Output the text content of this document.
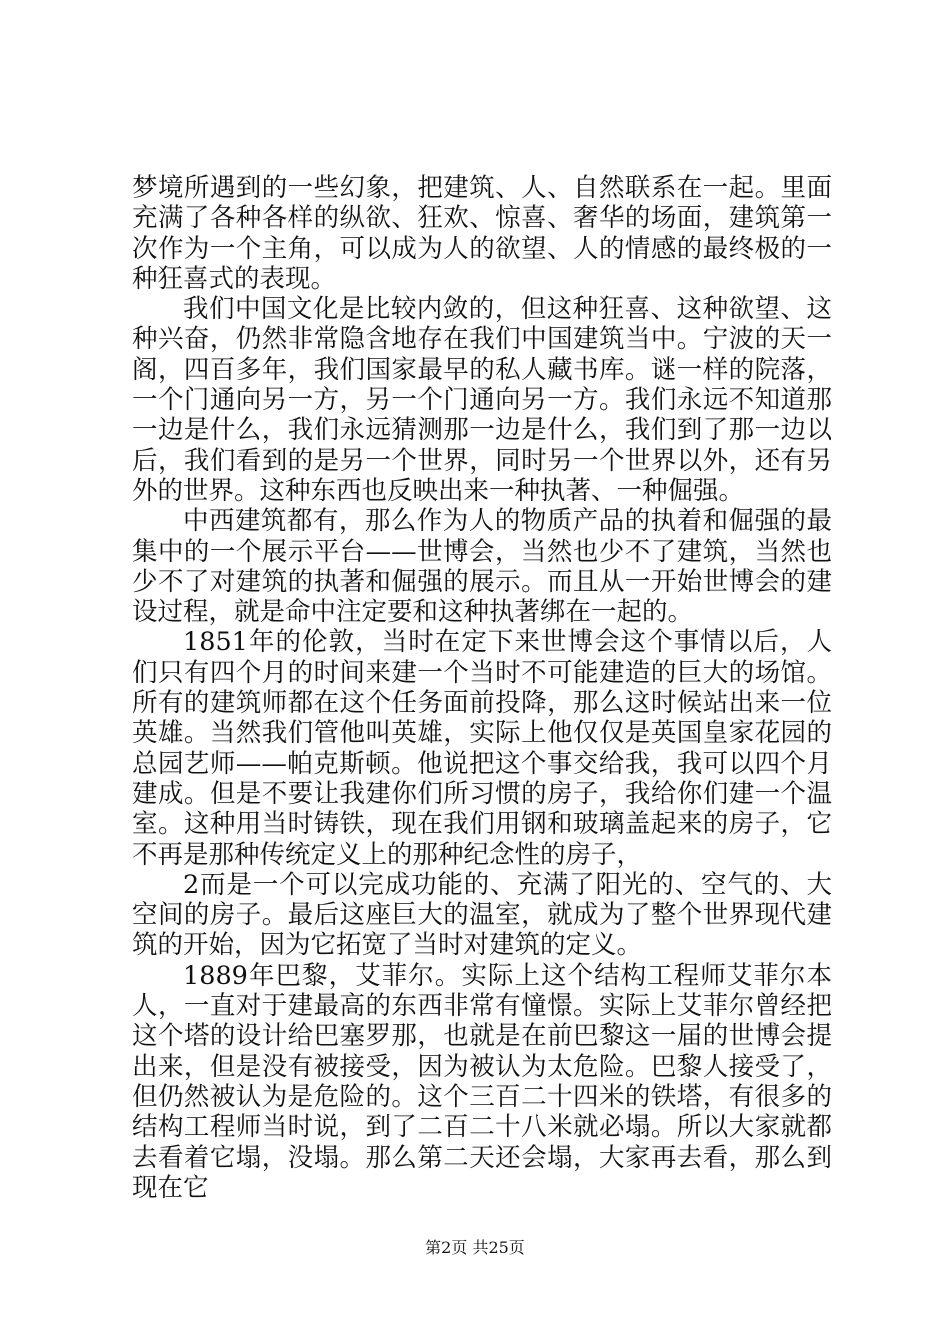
梦境所遇到的一些幻象，把建筑、人、自然联系在一起。里面充满了各种各样的纵欲、狂欢、惊喜、奢华的场面，建筑第一次作为一个主角，可以成为人的欲望、人的情感的最终极的一种狂喜式的表现。

我们中国文化是比较内敛的，但这种狂喜、这种欲望、这种兴奋，仍然非常隐含地存在我们中国建筑当中。宁波的天一阁，四百多年，我们国家最早的私人藏书库。谜一样的院落，一个门通向另一方，另一个门通向另一方。我们永远不知道那一边是什么，我们永远猜测那一边是什么，我们到了那一边以后，我们看到的是另一个世界，同时另一个世界以外，还有另外的世界。这种东西也反映出来一种执著、一种倔强。

中西建筑都有，那么作为人的物质产品的执着和倔强的最集中的一个展示平台——世博会，当然也少不了建筑，当然也少不了对建筑的执著和倔强的展示。而且从一开始世博会的建设过程，就是命中注定要和这种执著绑在一起的。

1851年的伦敦，当时在定下来世博会这个事情以后，人们只有四个月的时间来建一个当时不可能建造的巨大的场馆。所有的建筑师都在这个任务面前投降，那么这时候站出来一位英雄。当然我们管他叫英雄，实际上他仅仅是英国皇家花园的总园艺师——帕克斯顿。他说把这个事交给我，我可以四个月建成。但是不要让我建你们所习惯的房子，我给你们建一个温室。这种用当时铸铁，现在我们用钢和玻璃盖起来的房子，它不再是那种传统定义上的那种纪念性的房子，

2而是一个可以完成功能的、充满了阳光的、空气的、大空间的房子。最后这座巨大的温室，就成为了整个世界现代建筑的开始，因为它拓宽了当时对建筑的定义。

1889年巴黎，艾菲尔。实际上这个结构工程师艾菲尔本人，一直对于建最高的东西非常有憧憬。实际上艾菲尔曾经把这个塔的设计给巴塞罗那，也就是在前巴黎这一届的世博会提出来，但是没有被接受，因为被认为太危险。巴黎人接受了，但仍然被认为是危险的。这个三百二十四米的铁塔，有很多的结构工程师当时说，到了二百二十八米就必塌。所以大家就都去看着它塌，没塌。那么第二天还会塌，大家再去看，那么到现在它

第2页 共25页
